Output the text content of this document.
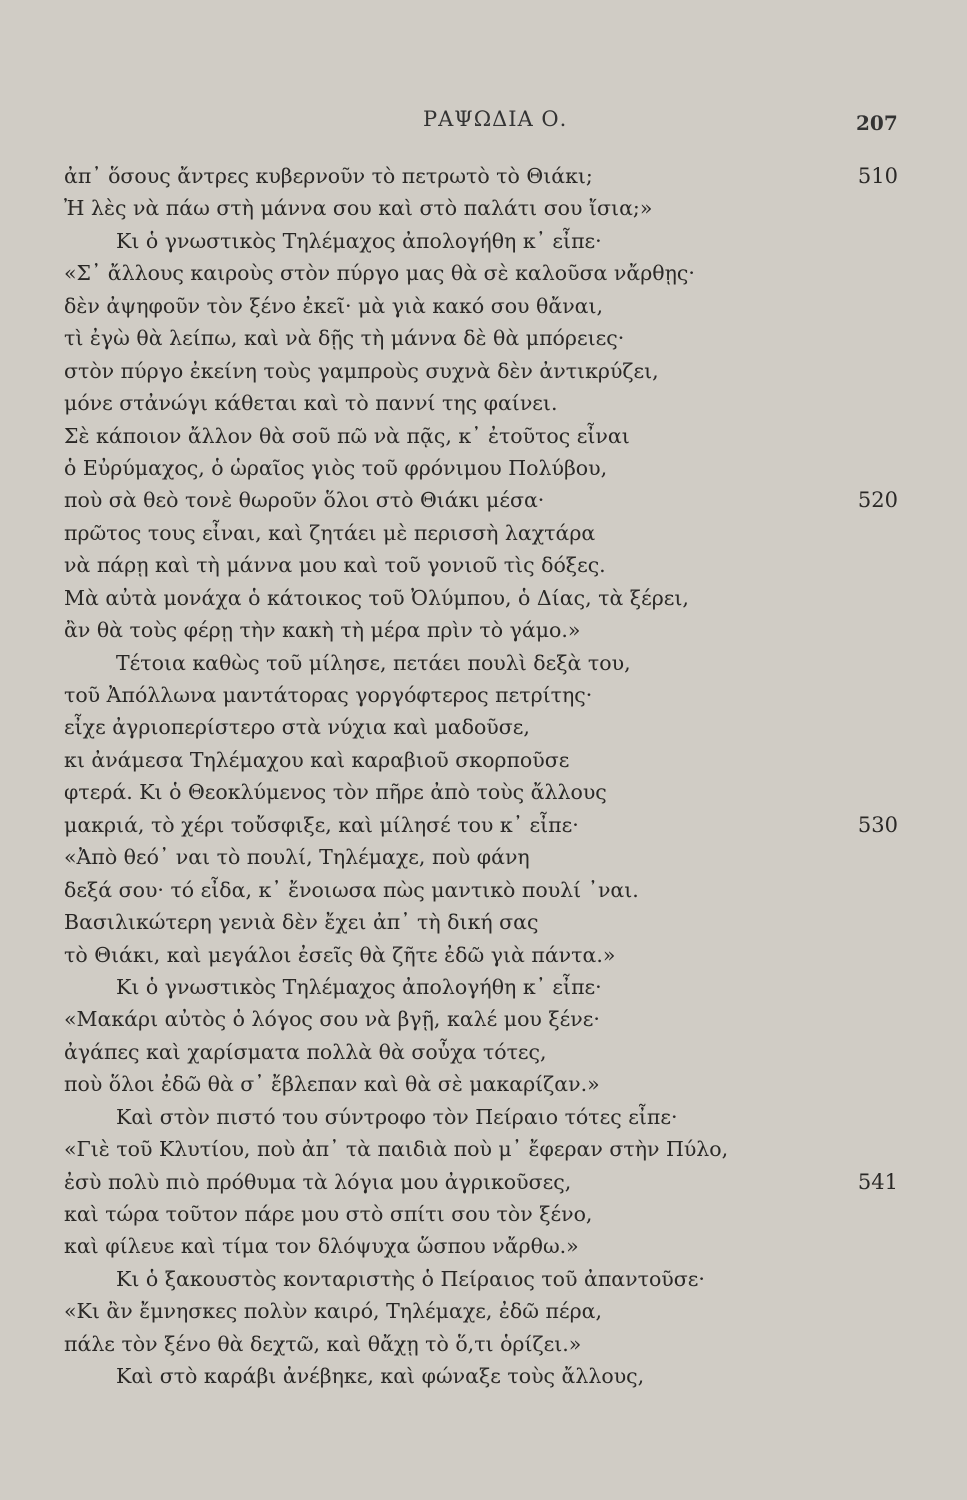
ΡΑΨΩΔΙΑ Ο.	207
ἀπ᾿ ὅσους ἄντρες κυβερνοῦν τὸ πετρωτὸ τὸ Θιάκι;	510
Ἠ λὲς νὰ πάω στὴ μάννα σου καὶ στὸ παλάτι σου ἴσια;»
Κι ὁ γνωστικὸς Τηλέμαχος ἀπολογήθη κ᾿ εἶπε·
«Σ᾿ ἄλλους καιροὺς στὸν πύργο μας θὰ σὲ καλοῦσα νἄρθῃς·
δὲν ἀψηφοῦν τὸν ξένο ἐκεῖ· μὰ γιὰ κακό σου θἄναι,
τὶ ἐγὼ θὰ λείπω, καὶ νὰ δῇς τὴ μάννα δὲ θὰ μπόρειες·
στὸν πύργο ἐκείνη τοὺς γαμπροὺς συχνὰ δὲν ἀντικρύζει,
μόνε στἀνώγι κάθεται καὶ τὸ παννί της φαίνει.
Σὲ κάποιον ἄλλον θὰ σοῦ πῶ νὰ πᾷς, κ᾿ ἐτοῦτος εἶναι
ὁ Εὐρύμαχος, ὁ ὡραῖος γιὸς τοῦ φρόνιμου Πολύβου,
ποὺ σὰ θεὸ τονὲ θωροῦν ὅλοι στὸ Θιάκι μέσα·	520
πρῶτος τους εἶναι, καὶ ζητάει μὲ περισσὴ λαχτάρα
νὰ πάρῃ καὶ τὴ μάννα μου καὶ τοῦ γονιοῦ τὶς δόξες.
Μὰ αὐτὰ μονάχα ὁ κάτοικος τοῦ Ὀλύμπου, ὁ Δίας, τὰ ξέρει,
ἂν θὰ τοὺς φέρῃ τὴν κακὴ τὴ μέρα πρὶν τὸ γάμο.»
Τέτοια καθὼς τοῦ μίλησε, πετάει πουλὶ δεξὰ του,
τοῦ Ἀπόλλωνα μαντάτορας γοργόφτερος πετρίτης·
εἶχε ἀγριοπερίστερο στὰ νύχια καὶ μαδοῦσε,
κι ἀνάμεσα Τηλέμαχου καὶ καραβιοῦ σκορποῦσε
φτερά. Κι ὁ Θεοκλύμενος τὸν πῆρε ἀπὸ τοὺς ἄλλους
μακριά, τὸ χέρι τοὔσφιξε, καὶ μίλησέ του κ᾿ εἶπε·	530
«Ἀπὸ θεό᾿ ναι τὸ πουλί, Τηλέμαχε, ποὺ φάνη
δεξά σου· τό εἶδα, κ᾿ ἔνοιωσα πὼς μαντικὸ πουλί ᾿ναι.
Βασιλικώτερη γενιὰ δὲν ἔχει ἀπ᾿ τὴ δική σας
τὸ Θιάκι, καὶ μεγάλοι ἐσεῖς θὰ ζῆτε ἐδῶ γιὰ πάντα.»
Κι ὁ γνωστικὸς Τηλέμαχος ἀπολογήθη κ᾿ εἶπε·
«Μακάρι αὐτὸς ὁ λόγος σου νὰ βγῇ, καλέ μου ξένε·
ἀγάπες καὶ χαρίσματα πολλὰ θὰ σοὖχα τότες,
ποὺ ὅλοι ἐδῶ θὰ σ᾿ ἔβλεπαν καὶ θὰ σὲ μακαρίζαν.»
Καὶ στὸν πιστό του σύντροφο τὸν Πείραιο τότες εἶπε·
«Γιὲ τοῦ Κλυτίου, ποὺ ἀπ᾿ τὰ παιδιὰ ποὺ μ᾿ ἔφεραν στὴν Πύλο,
ἐσὺ πολὺ πιὸ πρόθυμα τὰ λόγια μου ἀγρικοῦσες,	541
καὶ τώρα τοῦτον πάρε μου στὸ σπίτι σου τὸν ξένο,
καὶ φίλευε καὶ τίμα τον δλόψυχα ὥσπου νἄρθω.»
Κι ὁ ξακουστὸς κονταριστὴς ὁ Πείραιος τοῦ ἀπαντοῦσε·
«Κι ἂν ἔμνησκες πολὺν καιρό, Τηλέμαχε, ἐδῶ πέρα,
πάλε τὸν ξένο θὰ δεχτῶ, καὶ θἄχῃ τὸ ὅ,τι ὁρίζει.»
Καὶ στὸ καράβι ἀνέβηκε, καὶ φώναξε τοὺς ἄλλους,
